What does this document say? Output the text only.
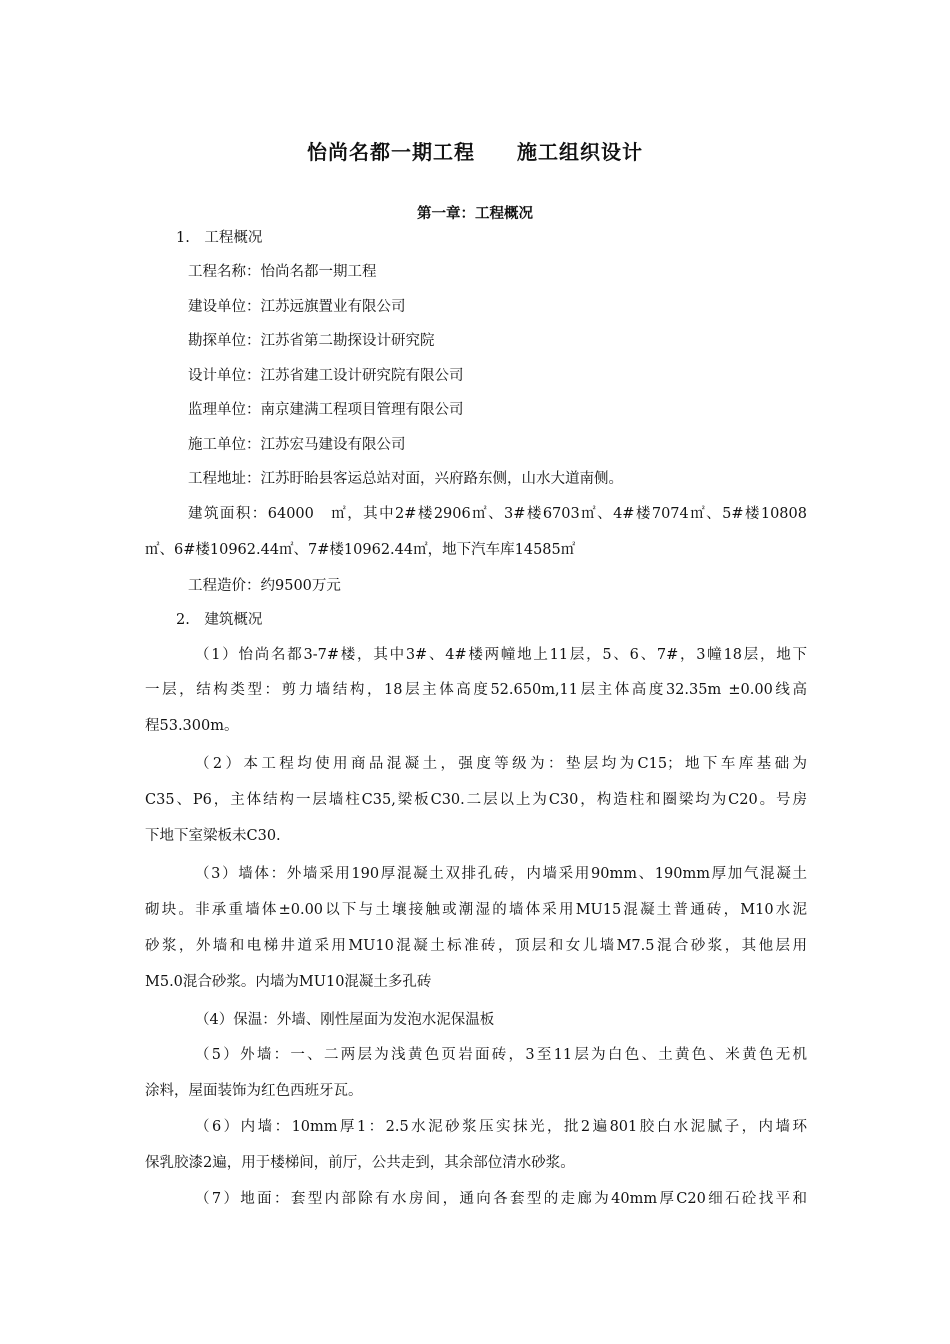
怡尚名都一期工程　　施工组织设计
第一章：工程概况
1.　工程概况
工程名称：怡尚名都一期工程
建设单位：江苏远旗置业有限公司
勘探单位：江苏省第二勘探设计研究院
设计单位：江苏省建工设计研究院有限公司
监理单位：南京建满工程项目管理有限公司
施工单位：江苏宏马建设有限公司
工程地址：江苏盱眙县客运总站对面，兴府路东侧，山水大道南侧。
建筑面积：64000　㎡，其中2#楼2906㎡、3#楼6703㎡、4#楼7074㎡、5#楼10808
㎡、6#楼10962.44㎡、7#楼10962.44㎡，地下汽车库14585㎡
工程造价：约9500万元
2.　建筑概况
（1）怡尚名都3-7#楼，其中3#、4#楼两幢地上11层，5、6、7#，3幢18层，地下
一层，结构类型：剪力墙结构，18层主体高度52.650m,11层主体高度32.35m ±0.00线高
程53.300m。
（2）本工程均使用商品混凝土，强度等级为：垫层均为C15；地下车库基础为
C35、P6，主体结构一层墙柱C35,梁板C30.二层以上为C30，构造柱和圈梁均为C20。号房
下地下室梁板未C30.
（3）墙体：外墙采用190厚混凝土双排孔砖，内墙采用90mm、190mm厚加气混凝土
砌块。非承重墙体±0.00以下与土壤接触或潮湿的墙体采用MU15混凝土普通砖，M10水泥
砂浆，外墙和电梯井道采用MU10混凝土标准砖，顶层和女儿墙M7.5混合砂浆，其他层用
M5.0混合砂浆。内墙为MU10混凝土多孔砖
（4）保温：外墙、刚性屋面为发泡水泥保温板
（5）外墙：一、二两层为浅黄色页岩面砖，3至11层为白色、土黄色、米黄色无机
涂料，屋面装饰为红色西班牙瓦。
（6）内墙：10mm厚1：2.5水泥砂浆压实抹光，批2遍801胶白水泥腻子，内墙环
保乳胶漆2遍，用于楼梯间，前厅，公共走到，其余部位清水砂浆。
（7）地面：套型内部除有水房间，通向各套型的走廊为40mm厚C20细石砼找平和
